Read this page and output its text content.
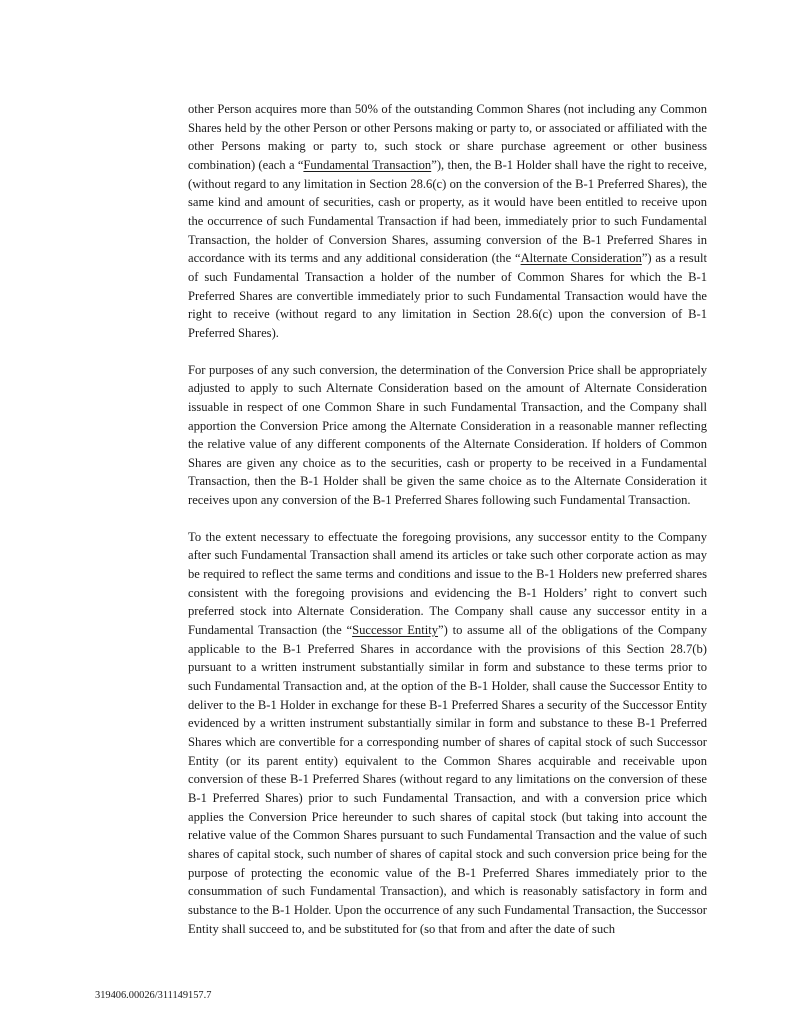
other Person acquires more than 50% of the outstanding Common Shares (not including any Common Shares held by the other Person or other Persons making or party to, or associated or affiliated with the other Persons making or party to, such stock or share purchase agreement or other business combination) (each a “Fundamental Transaction”), then, the B-1 Holder shall have the right to receive, (without regard to any limitation in Section 28.6(c) on the conversion of the B-1 Preferred Shares), the same kind and amount of securities, cash or property, as it would have been entitled to receive upon the occurrence of such Fundamental Transaction if had been, immediately prior to such Fundamental Transaction, the holder of Conversion Shares, assuming conversion of the B-1 Preferred Shares in accordance with its terms and any additional consideration (the “Alternate Consideration”) as a result of such Fundamental Transaction a holder of the number of Common Shares for which the B-1 Preferred Shares are convertible immediately prior to such Fundamental Transaction would have the right to receive (without regard to any limitation in Section 28.6(c) upon the conversion of B-1 Preferred Shares).

For purposes of any such conversion, the determination of the Conversion Price shall be appropriately adjusted to apply to such Alternate Consideration based on the amount of Alternate Consideration issuable in respect of one Common Share in such Fundamental Transaction, and the Company shall apportion the Conversion Price among the Alternate Consideration in a reasonable manner reflecting the relative value of any different components of the Alternate Consideration. If holders of Common Shares are given any choice as to the securities, cash or property to be received in a Fundamental Transaction, then the B-1 Holder shall be given the same choice as to the Alternate Consideration it receives upon any conversion of the B-1 Preferred Shares following such Fundamental Transaction.

To the extent necessary to effectuate the foregoing provisions, any successor entity to the Company after such Fundamental Transaction shall amend its articles or take such other corporate action as may be required to reflect the same terms and conditions and issue to the B-1 Holders new preferred shares consistent with the foregoing provisions and evidencing the B-1 Holders’ right to convert such preferred stock into Alternate Consideration. The Company shall cause any successor entity in a Fundamental Transaction (the “Successor Entity”) to assume all of the obligations of the Company applicable to the B-1 Preferred Shares in accordance with the provisions of this Section 28.7(b) pursuant to a written instrument substantially similar in form and substance to these terms prior to such Fundamental Transaction and, at the option of the B-1 Holder, shall cause the Successor Entity to deliver to the B-1 Holder in exchange for these B-1 Preferred Shares a security of the Successor Entity evidenced by a written instrument substantially similar in form and substance to these B-1 Preferred Shares which are convertible for a corresponding number of shares of capital stock of such Successor Entity (or its parent entity) equivalent to the Common Shares acquirable and receivable upon conversion of these B-1 Preferred Shares (without regard to any limitations on the conversion of these B-1 Preferred Shares) prior to such Fundamental Transaction, and with a conversion price which applies the Conversion Price hereunder to such shares of capital stock (but taking into account the relative value of the Common Shares pursuant to such Fundamental Transaction and the value of such shares of capital stock, such number of shares of capital stock and such conversion price being for the purpose of protecting the economic value of the B-1 Preferred Shares immediately prior to the consummation of such Fundamental Transaction), and which is reasonably satisfactory in form and substance to the B-1 Holder. Upon the occurrence of any such Fundamental Transaction, the Successor Entity shall succeed to, and be substituted for (so that from and after the date of such

319406.00026/311149157.7
